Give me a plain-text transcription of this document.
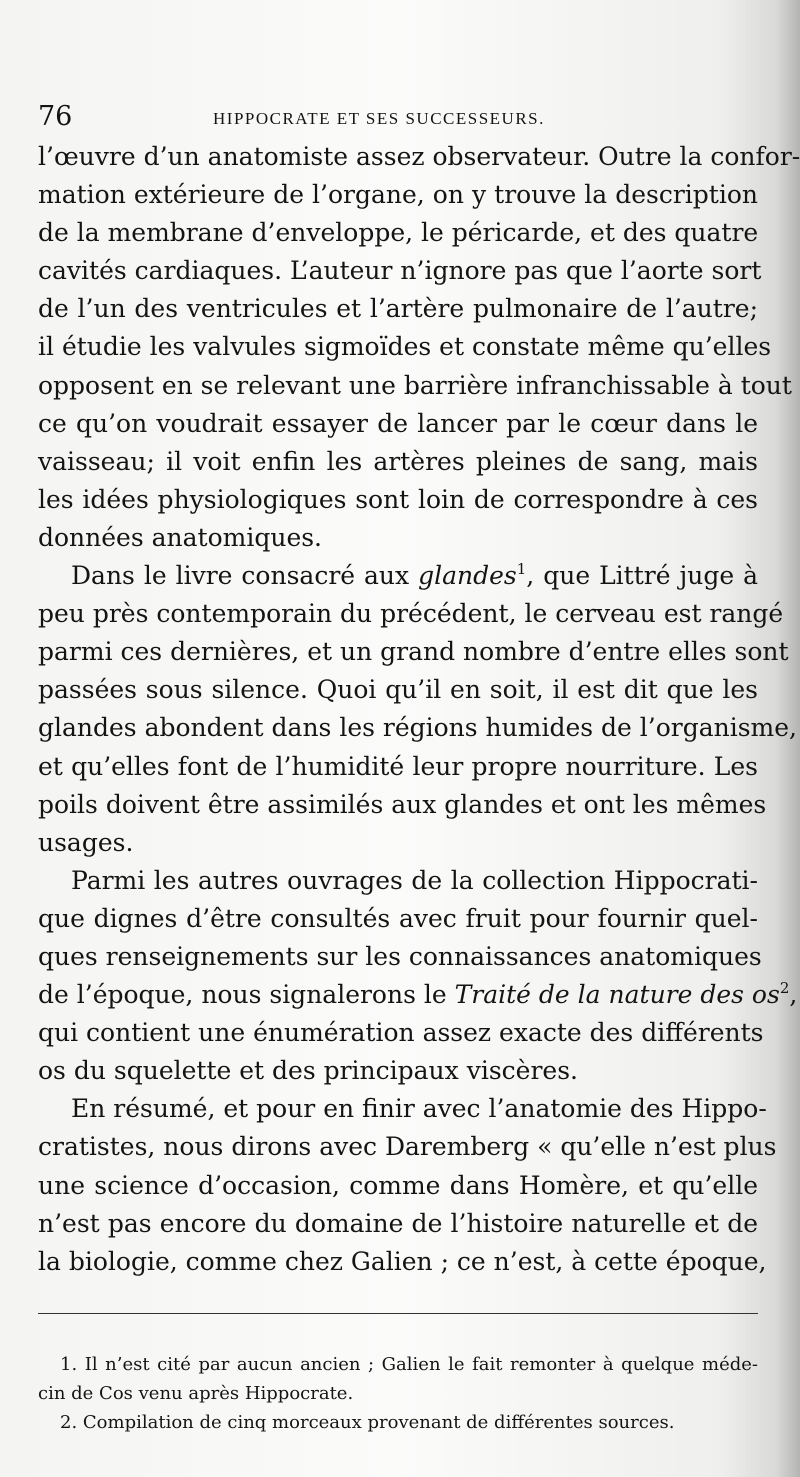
76	HIPPOCRATE ET SES SUCCESSEURS.
l’œuvre d’un anatomiste assez observateur. Outre la confor-
mation extérieure de l’organe, on y trouve la description
de la membrane d’enveloppe, le péricarde, et des quatre
cavités cardiaques. L’auteur n’ignore pas que l’aorte sort
de l’un des ventricules et l’artère pulmonaire de l’autre;
il étudie les valvules sigmoïdes et constate même qu’elles
opposent en se relevant une barrière infranchissable à tout
ce qu’on voudrait essayer de lancer par le cœur dans le
vaisseau; il voit enfin les artères pleines de sang, mais
les idées physiologiques sont loin de correspondre à ces
données anatomiques.
Dans le livre consacré aux glandes$^1$, que Littré juge à
peu près contemporain du précédent, le cerveau est rangé
parmi ces dernières, et un grand nombre d’entre elles sont
passées sous silence. Quoi qu’il en soit, il est dit que les
glandes abondent dans les régions humides de l’organisme,
et qu’elles font de l’humidité leur propre nourriture. Les
poils doivent être assimilés aux glandes et ont les mêmes
usages.
Parmi les autres ouvrages de la collection Hippocrati-
que dignes d’être consultés avec fruit pour fournir quel-
ques renseignements sur les connaissances anatomiques
de l’époque, nous signalerons le Traité de la nature des os$^2$,
qui contient une énumération assez exacte des différents
os du squelette et des principaux viscères.
En résumé, et pour en finir avec l’anatomie des Hippo-
cratistes, nous dirons avec Daremberg « qu’elle n’est plus
une science d’occasion, comme dans Homère, et qu’elle
n’est pas encore du domaine de l’histoire naturelle et de
la biologie, comme chez Galien ; ce n’est, à cette époque,
1. Il n’est cité par aucun ancien ; Galien le fait remonter à quelque méde-
cin de Cos venu après Hippocrate.
2. Compilation de cinq morceaux provenant de différentes sources.
